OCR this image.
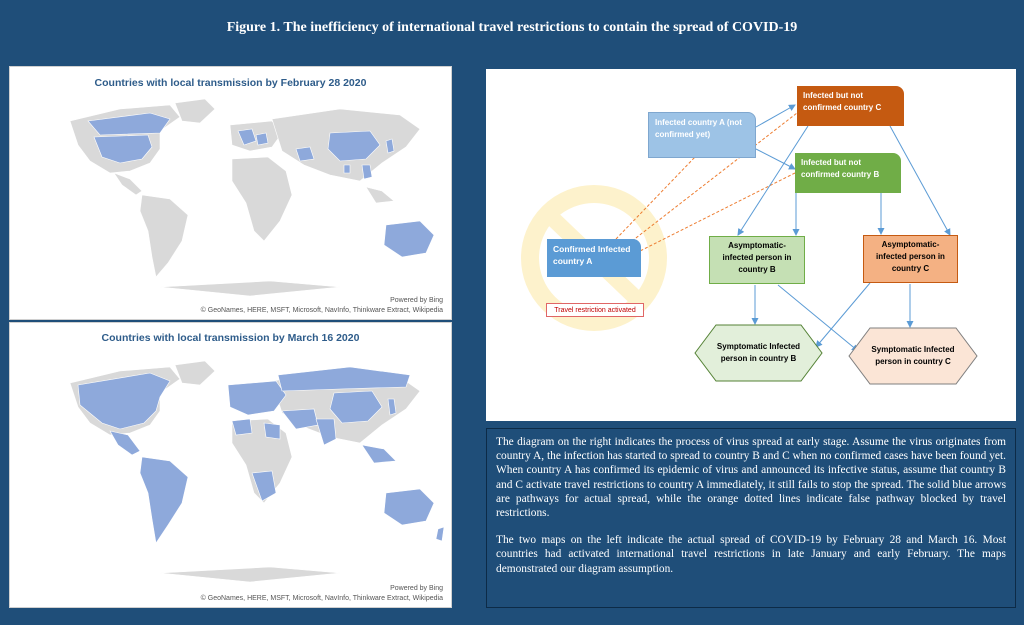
Figure 1. The inefficiency of international travel restrictions to contain the spread of COVID-19
Countries with local transmission by February 28 2020
Powered by Bing
© GeoNames, HERE, MSFT, Microsoft, NavInfo, Thinkware Extract, Wikipedia
Countries with local transmission by March 16 2020
Powered by Bing
© GeoNames, HERE, MSFT, Microsoft, NavInfo, Thinkware Extract, Wikipedia
Infected country A (not confirmed yet)
Infected but not confirmed country C
Infected but not confirmed country B
Confirmed Infected country A
Travel restriction activated
Asymptomatic-infected person in country B
Asymptomatic-infected person in country C
Symptomatic Infected person in country B
Symptomatic Infected person in country C

The diagram on the right indicates the process of virus spread at early stage. Assume the virus originates from country A, the infection has started to spread to country B and C when no confirmed cases have been found yet. When country A has confirmed its epidemic of virus and announced its infective status, assume that country B and C activate travel restrictions to country A immediately, it still fails to stop the spread. The solid blue arrows are pathways for actual spread, while the orange dotted lines indicate false pathway blocked by travel restrictions.

The two maps on the left indicate the actual spread of COVID-19 by February 28 and March 16. Most countries had activated international travel restrictions in late January and early February. The maps demonstrated our diagram assumption.
